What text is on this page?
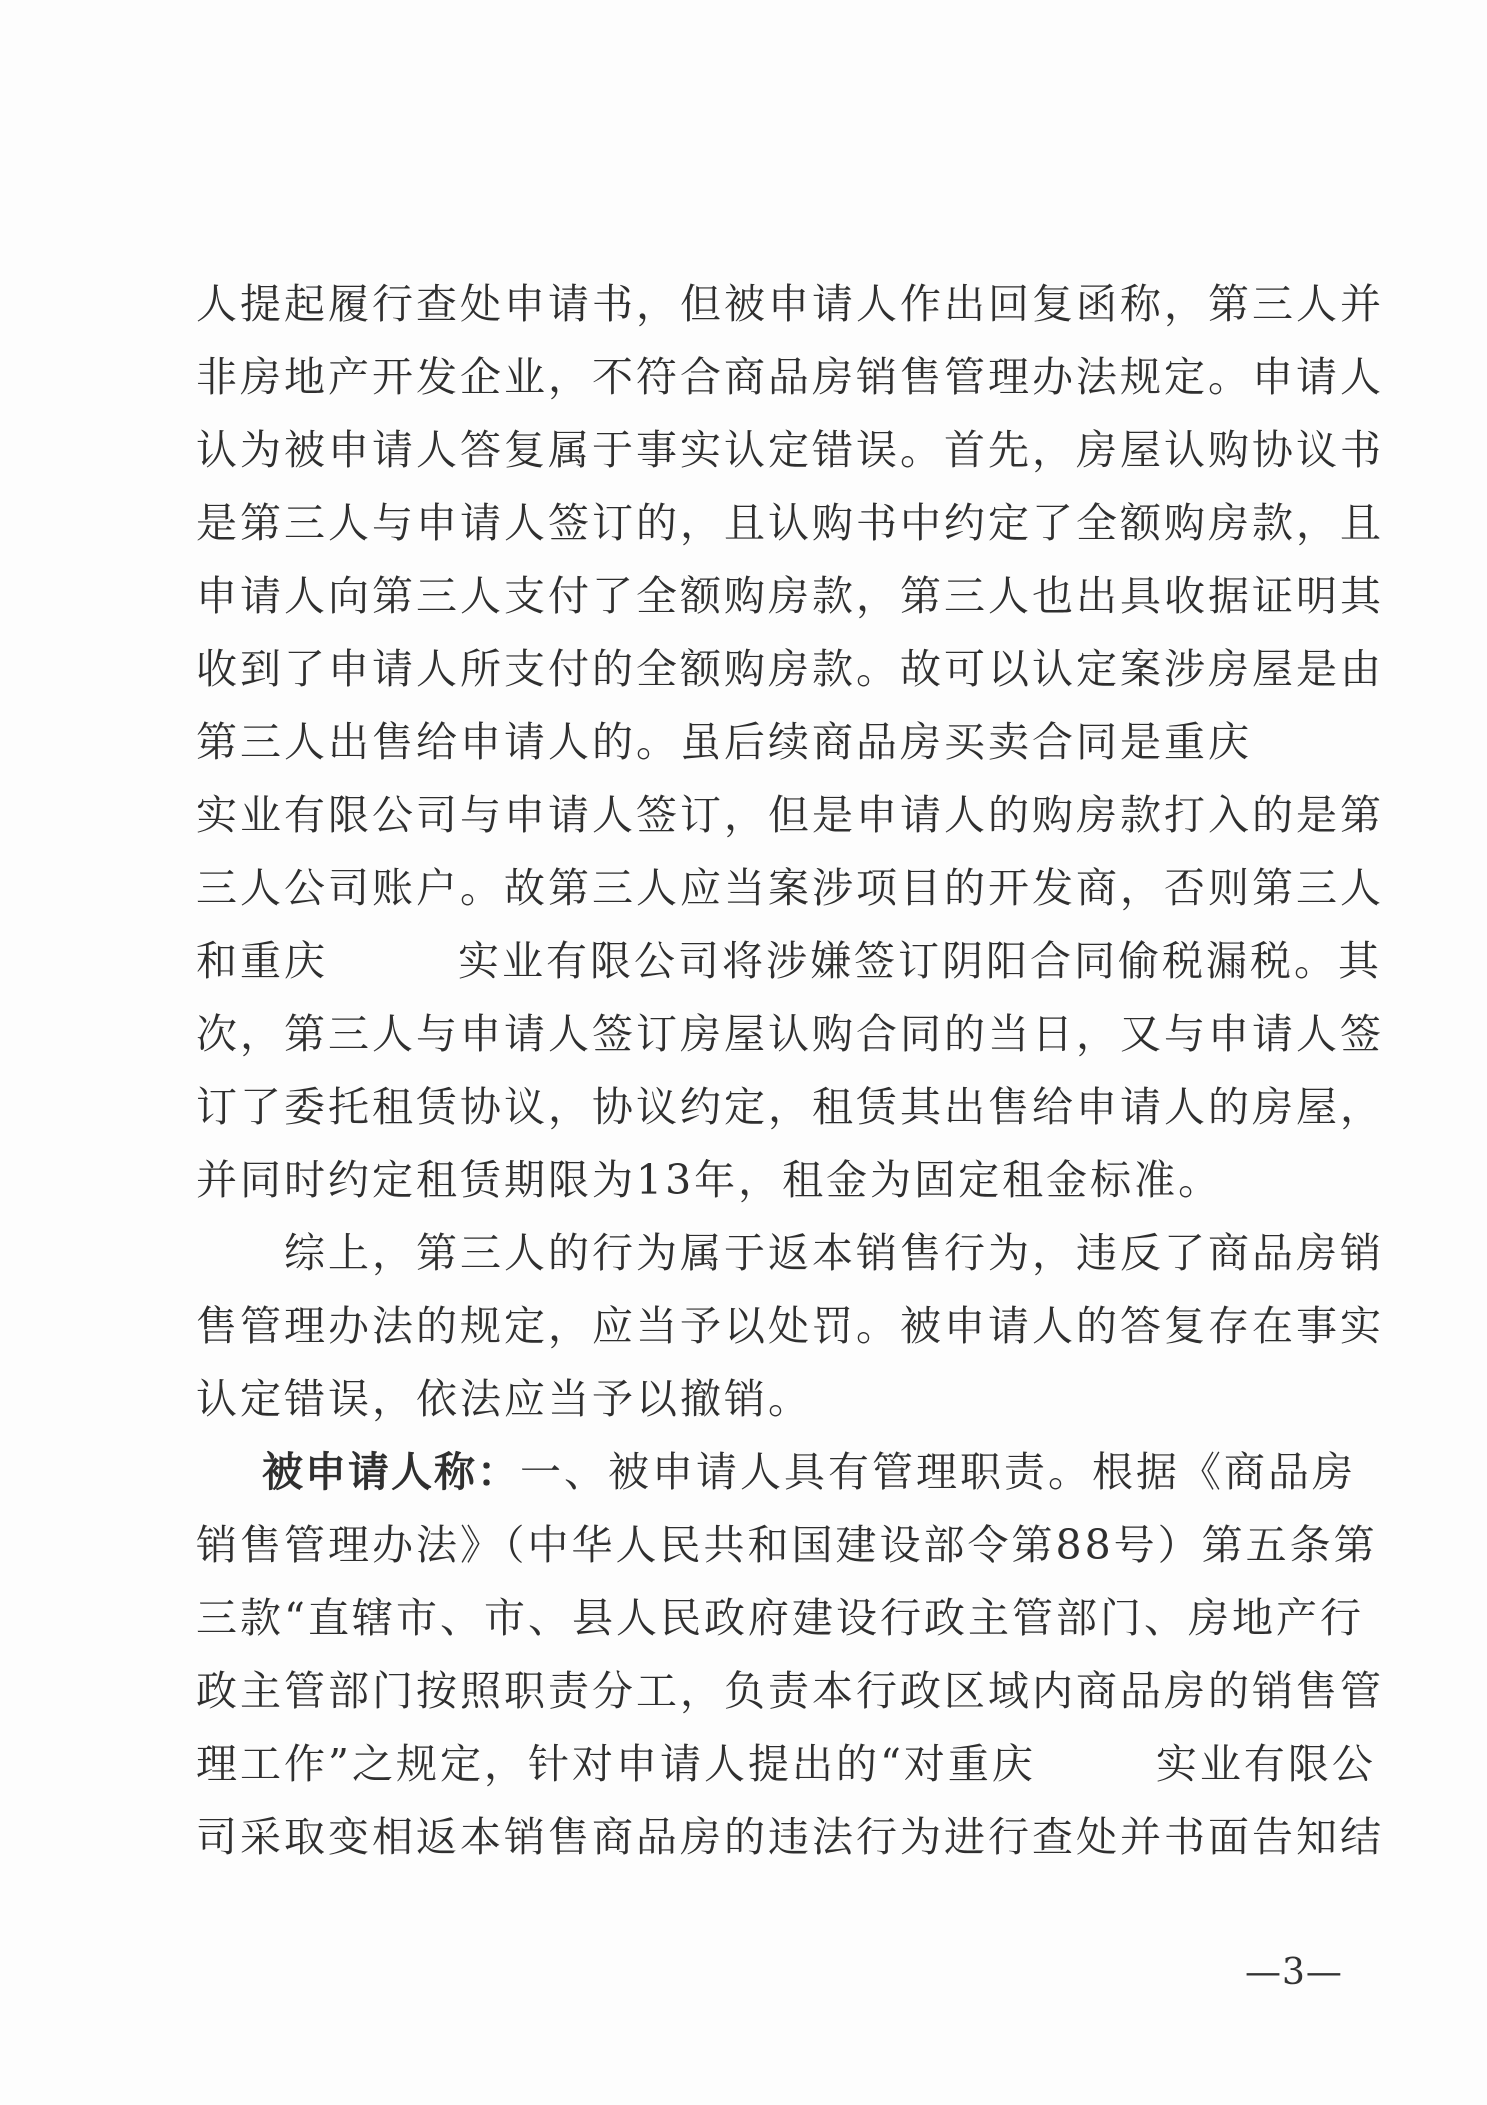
人提起履行查处申请书，但被申请人作出回复函称，第三人并
非房地产开发企业，不符合商品房销售管理办法规定。申请人
认为被申请人答复属于事实认定错误。首先，房屋认购协议书
是第三人与申请人签订的，且认购书中约定了全额购房款，且
申请人向第三人支付了全额购房款，第三人也出具收据证明其
收到了申请人所支付的全额购房款。故可以认定案涉房屋是由
第三人出售给申请人的。虽后续商品房买卖合同是重庆
实业有限公司与申请人签订，但是申请人的购房款打入的是第
三人公司账户。故第三人应当案涉项目的开发商，否则第三人
和重庆	实业有限公司将涉嫌签订阴阳合同偷税漏税。其
次，第三人与申请人签订房屋认购合同的当日，又与申请人签
订了委托租赁协议，协议约定，租赁其出售给申请人的房屋，
并同时约定租赁期限为13年，租金为固定租金标准。
综上，第三人的行为属于返本销售行为，违反了商品房销
售管理办法的规定，应当予以处罚。被申请人的答复存在事实
认定错误，依法应当予以撤销。
被申请人称：一、被申请人具有管理职责。根据《商品房
销售管理办法》（中华人民共和国建设部令第88号）第五条第
三款“直辖市、市、县人民政府建设行政主管部门、房地产行
政主管部门按照职责分工，负责本行政区域内商品房的销售管
理工作”之规定，针对申请人提出的“对重庆	实业有限公
司采取变相返本销售商品房的违法行为进行查处并书面告知结
—3—
